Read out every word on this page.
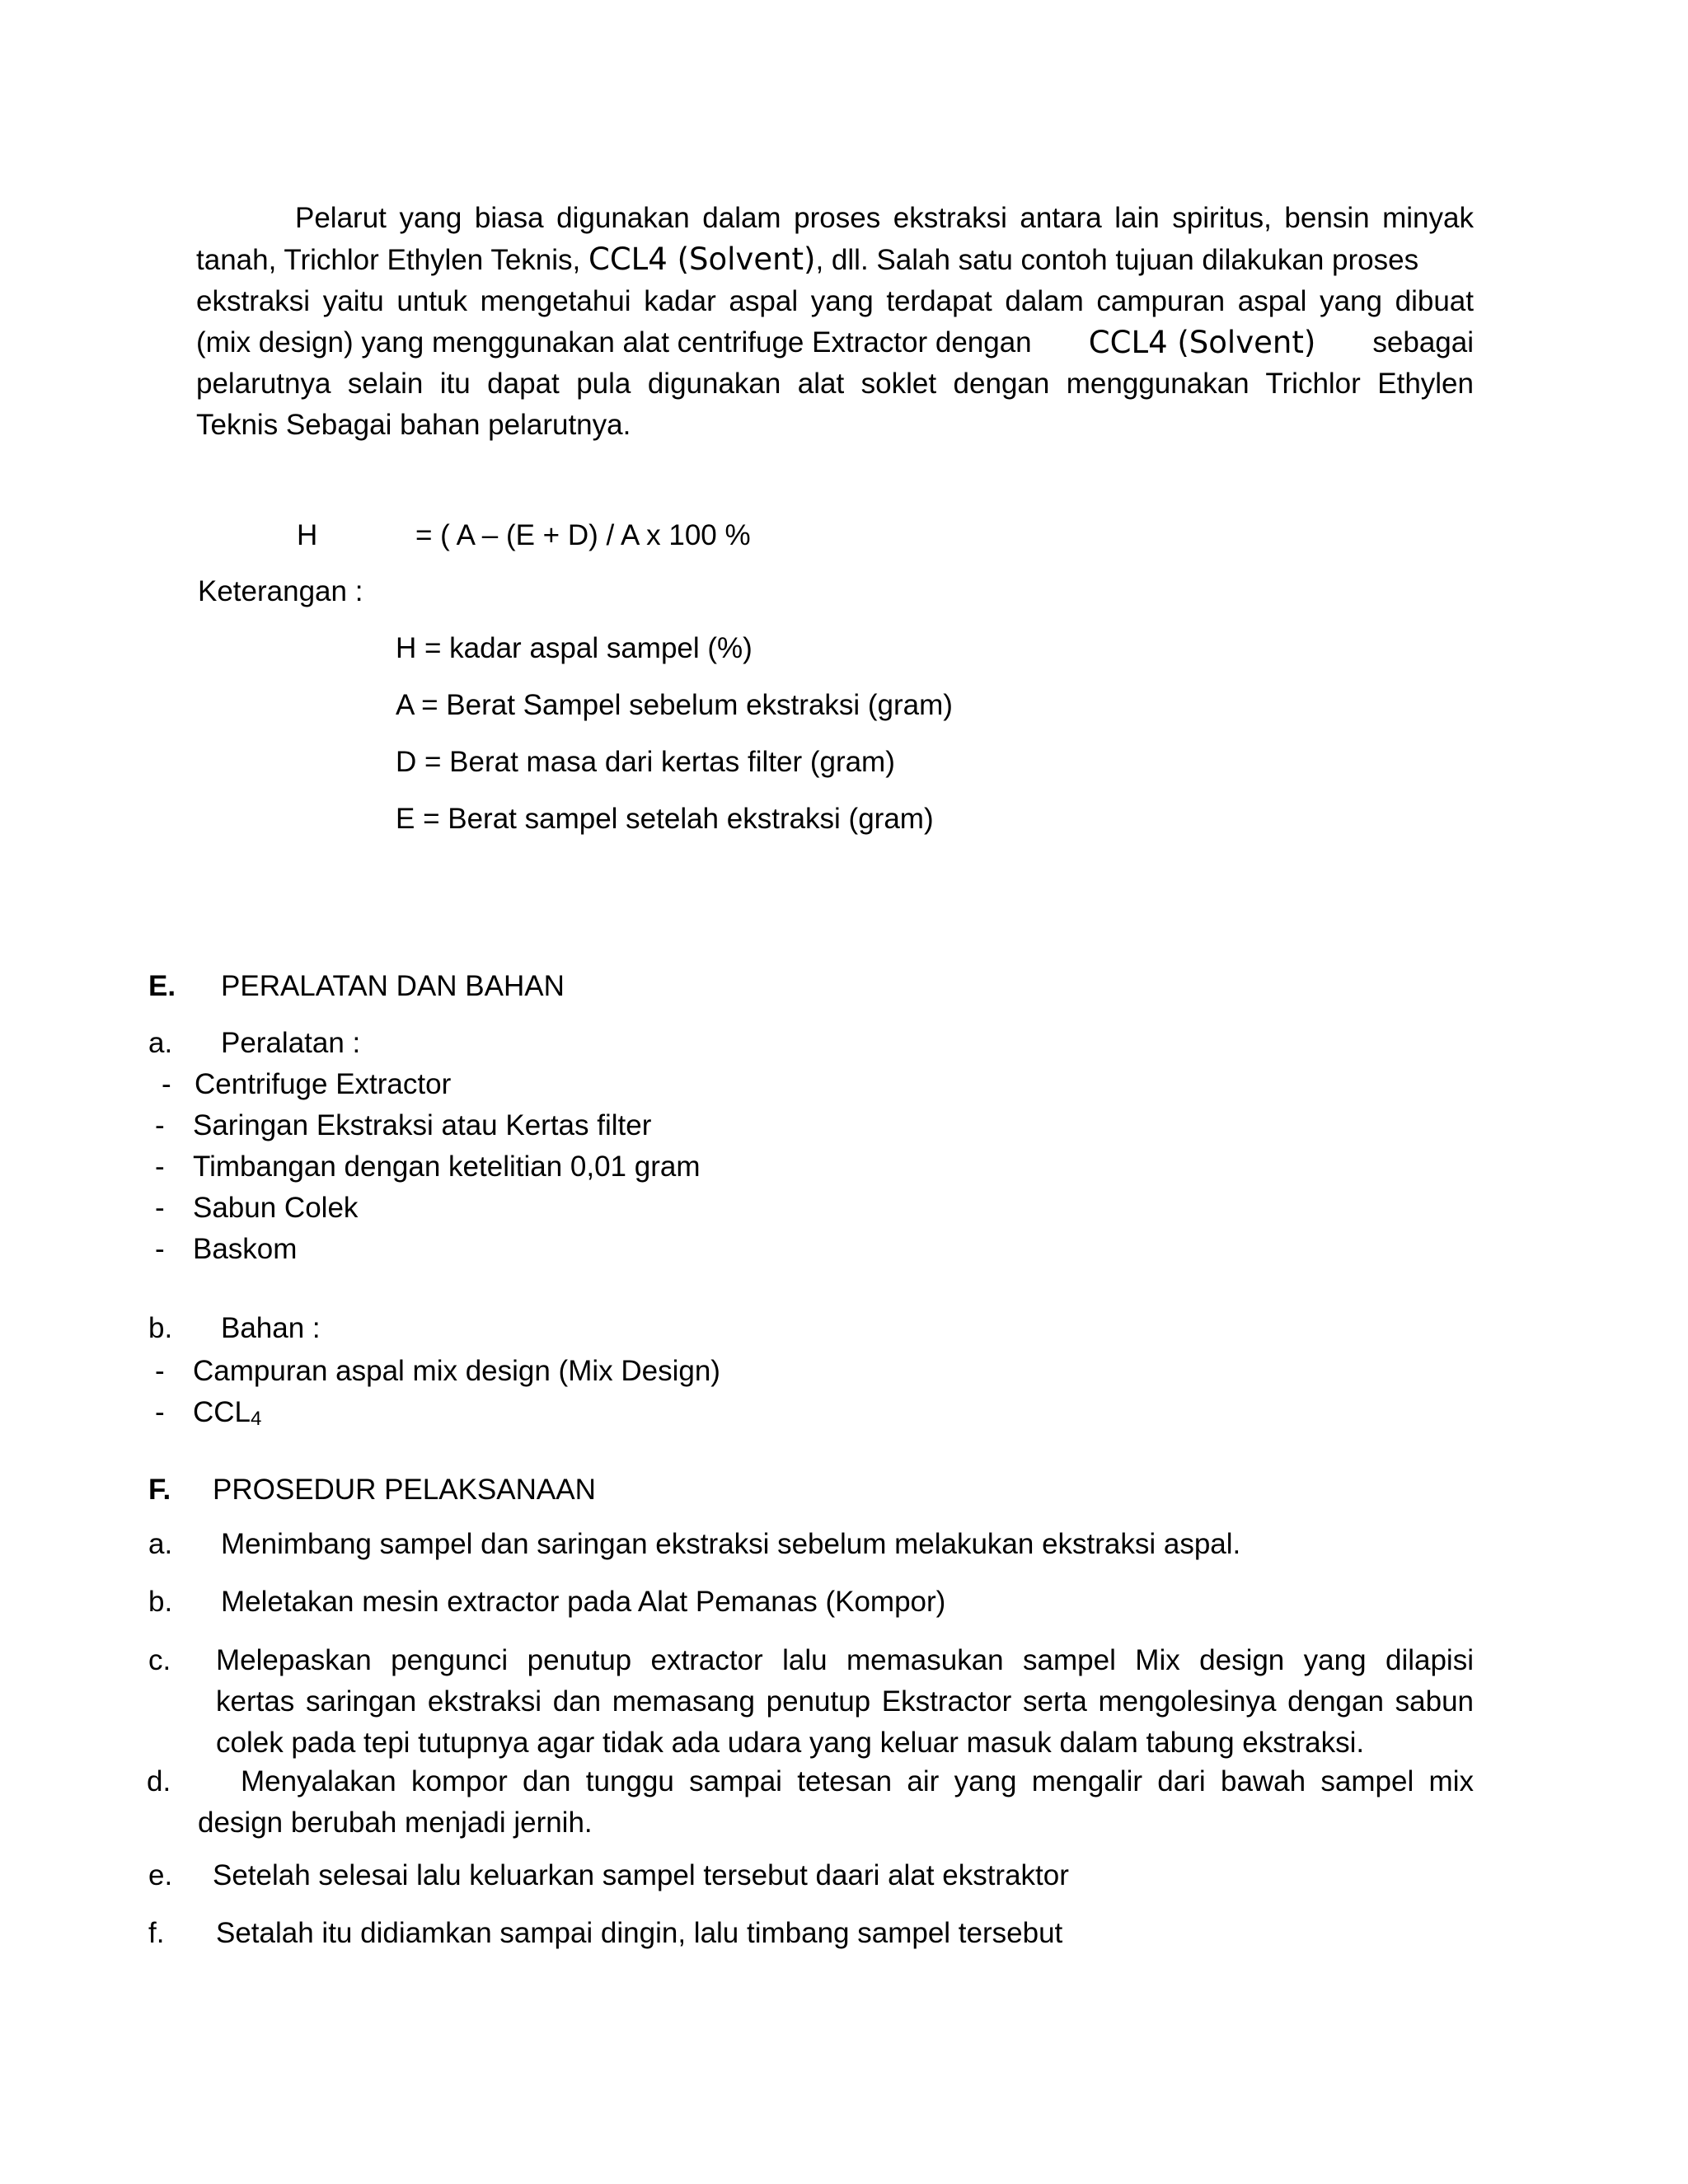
Pelarut yang biasa digunakan dalam proses ekstraksi antara lain spiritus, bensin minyak
tanah, Trichlor Ethylen Teknis, CCL4 (Solvent), dll. Salah satu contoh tujuan dilakukan proses
ekstraksi yaitu untuk mengetahui kadar aspal yang terdapat dalam campuran aspal yang dibuat
(mix design) yang menggunakan alat centrifuge Extractor dengan CCL4 (Solvent) sebagai
pelarutnya selain itu dapat pula digunakan alat soklet dengan menggunakan Trichlor Ethylen
Teknis Sebagai bahan pelarutnya.
H	= ( A – (E + D) / A x 100 %
Keterangan :
H = kadar aspal sampel (%)
A = Berat Sampel sebelum ekstraksi (gram)
D = Berat masa dari kertas filter (gram)
E = Berat sampel setelah ekstraksi (gram)
E. PERALATAN DAN BAHAN
a. Peralatan :
- Centrifuge Extractor
- Saringan Ekstraksi atau Kertas filter
- Timbangan dengan ketelitian 0,01 gram
- Sabun Colek
- Baskom
b. Bahan :
- Campuran aspal mix design (Mix Design)
- $CCL_4$
F. PROSEDUR PELAKSANAAN
a. Menimbang sampel dan saringan ekstraksi sebelum melakukan ekstraksi aspal.
b. Meletakan mesin extractor pada Alat Pemanas (Kompor)
c. Melepaskan pengunci penutup extractor lalu memasukan sampel Mix design yang dilapisi
kertas saringan ekstraksi dan memasang penutup Ekstractor serta mengolesinya dengan sabun
colek pada tepi tutupnya agar tidak ada udara yang keluar masuk dalam tabung ekstraksi.
d.	Menyalakan kompor dan tunggu sampai tetesan air yang mengalir dari bawah sampel mix
design berubah menjadi jernih.
e. Setelah selesai lalu keluarkan sampel tersebut daari alat ekstraktor
f. Setalah itu didiamkan sampai dingin, lalu timbang sampel tersebut
